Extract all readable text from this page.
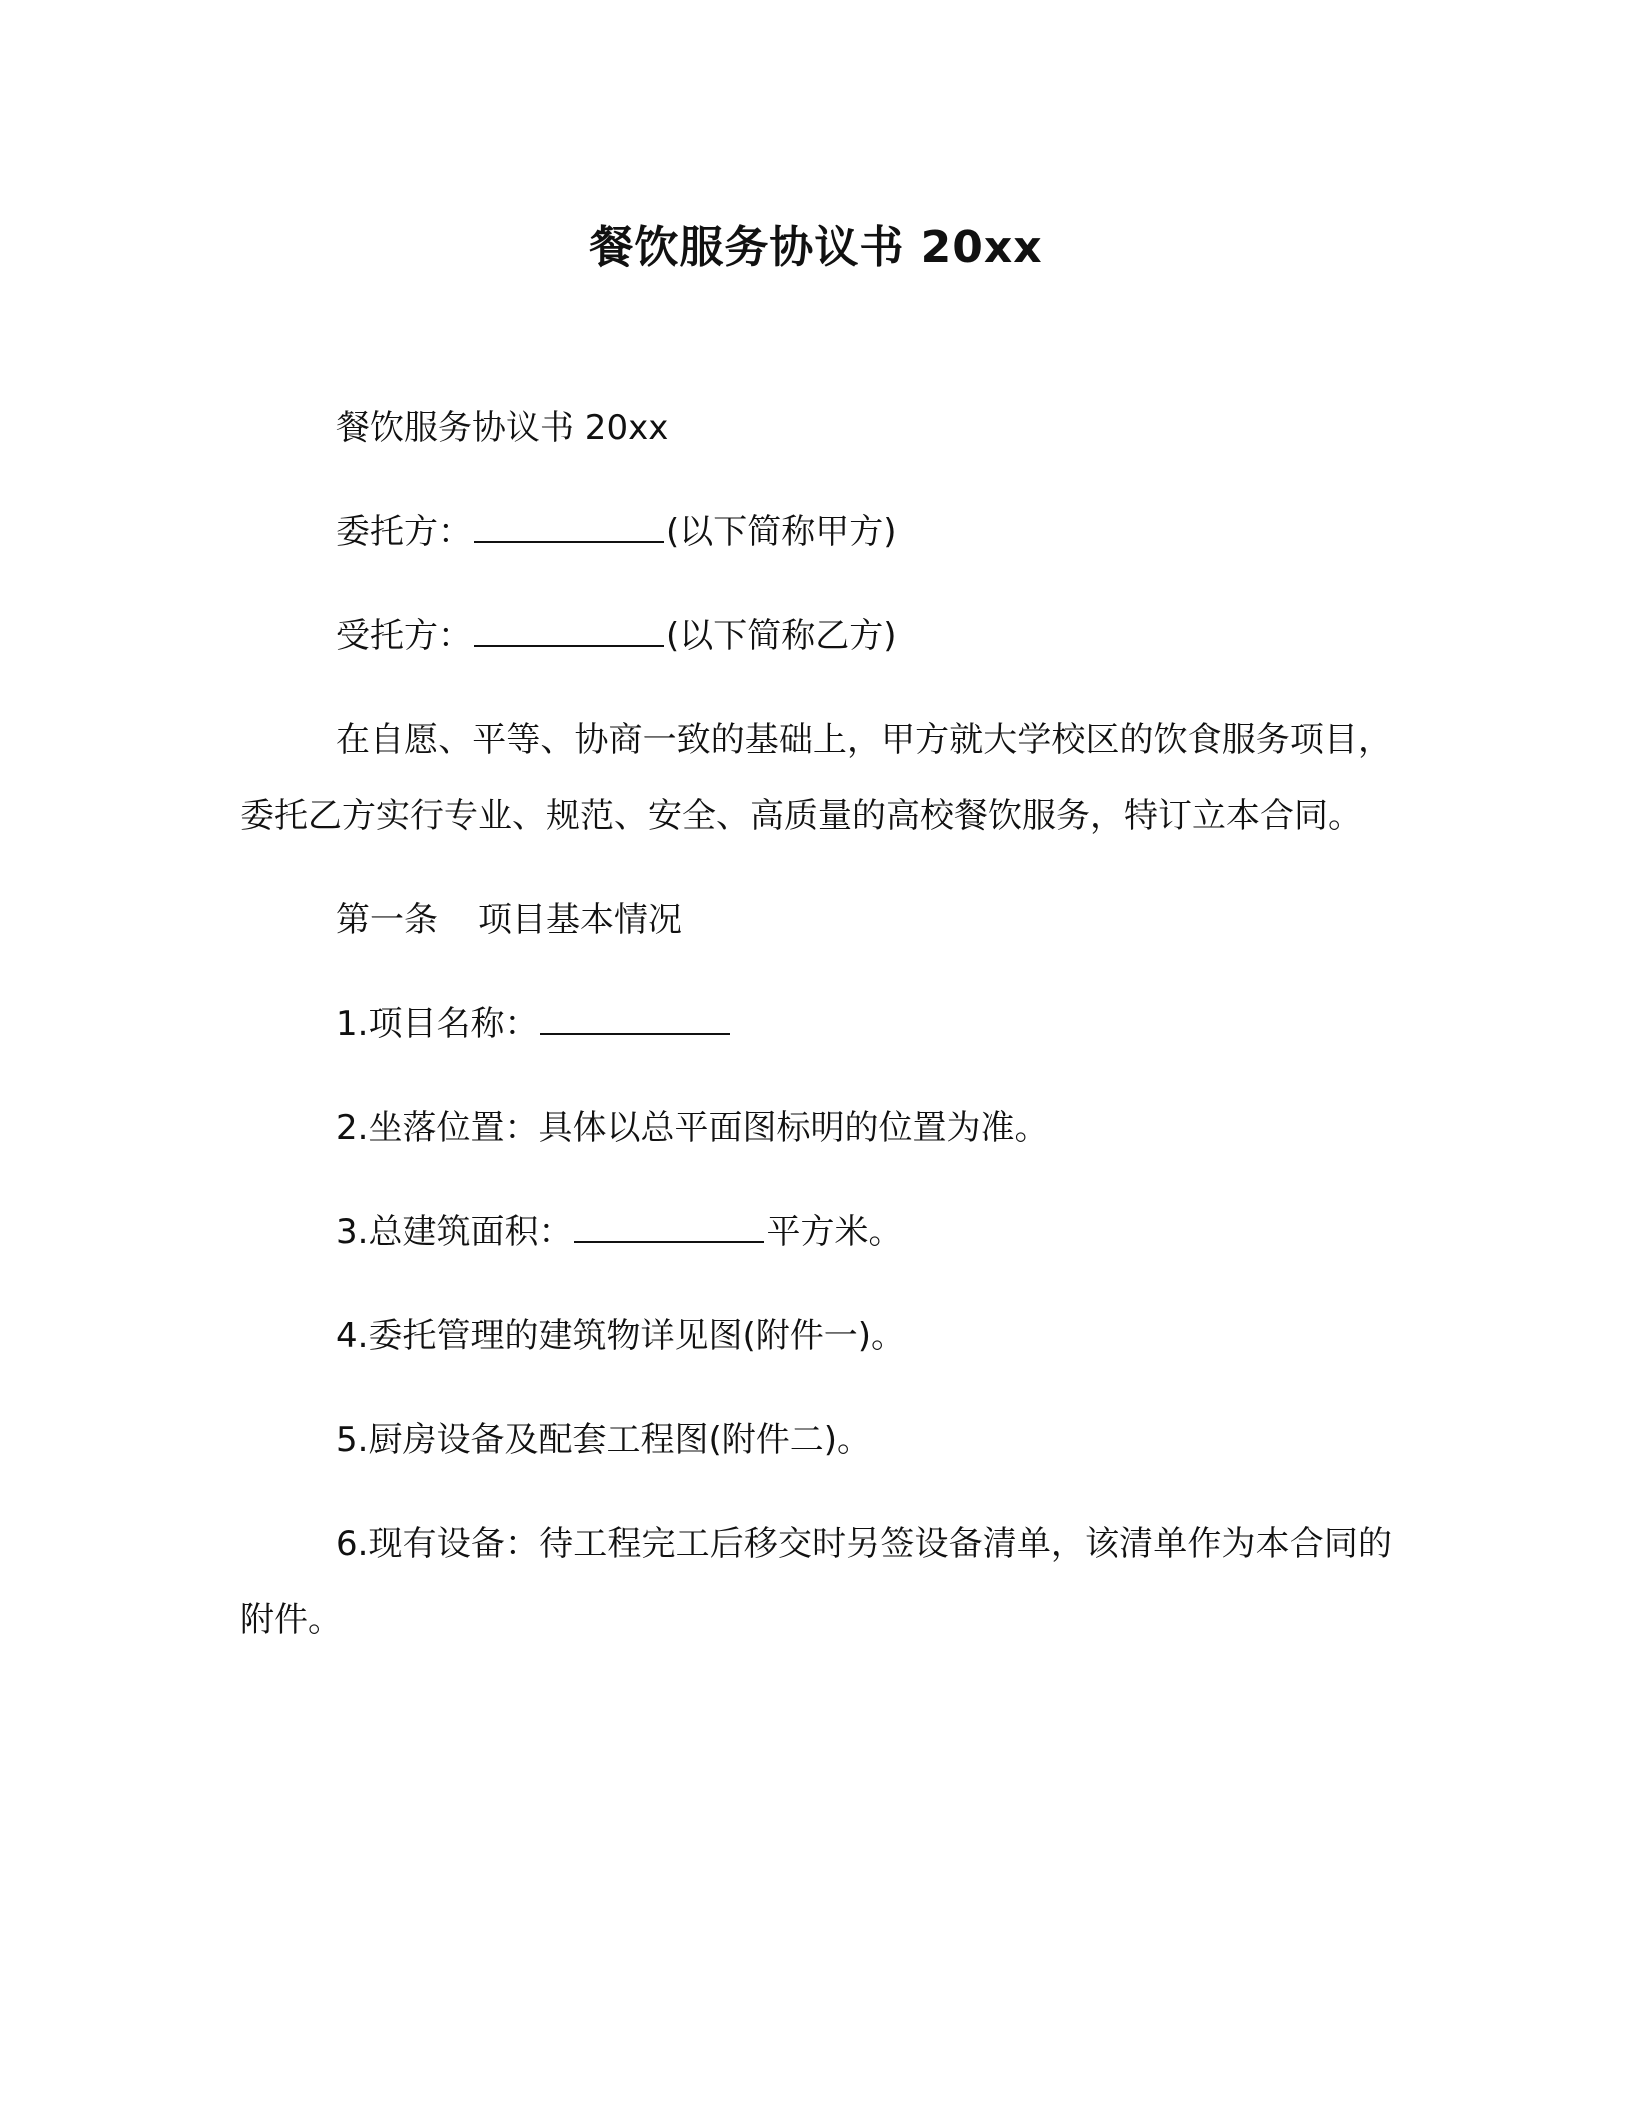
餐饮服务协议书 20xx

餐饮服务协议书 20xx

委托方：	(以下简称甲方)

受托方：	(以下简称乙方)

在自愿、平等、协商一致的基础上，甲方就大学校区的饮食服务项目，委托乙方实行专业、规范、安全、高质量的高校餐饮服务，特订立本合同。

第一条 项目基本情况

1.项目名称：

2.坐落位置：具体以总平面图标明的位置为准。

3.总建筑面积：	平方米。

4.委托管理的建筑物详见图(附件一)。

5.厨房设备及配套工程图(附件二)。

6.现有设备：待工程完工后移交时另签设备清单，该清单作为本合同的附件。
